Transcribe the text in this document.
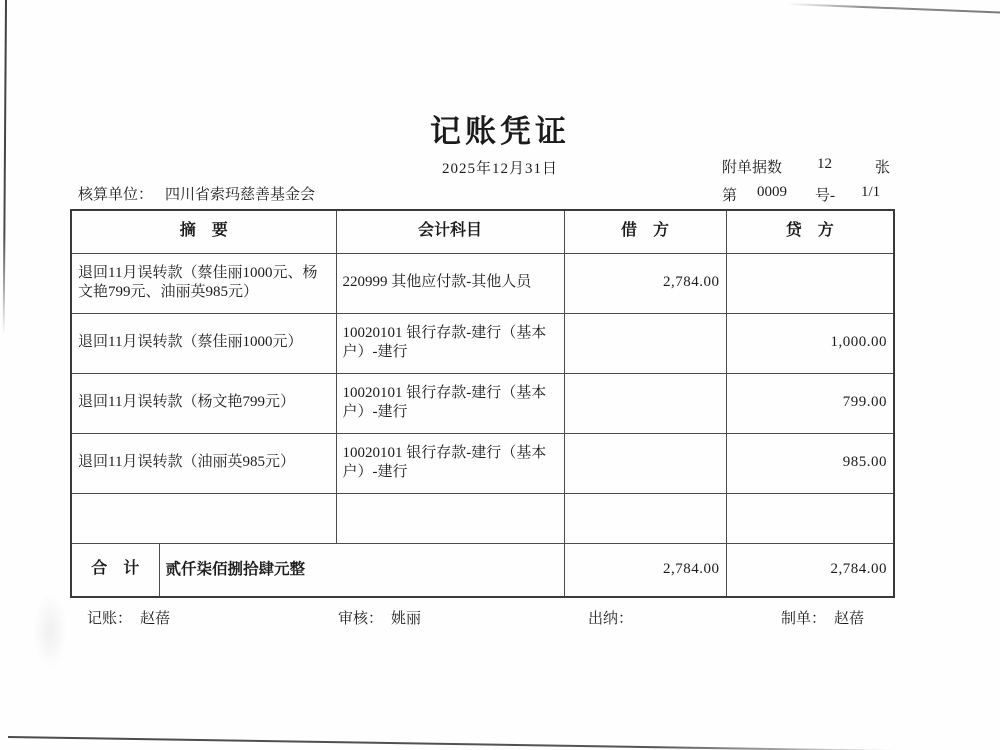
记账凭证
2025年12月31日	附单据数 12	张
核算单位： 四川省索玛慈善基金会	第 0009 号- 1/1
摘　要		会计科目	借　方	贷　方
退回11月误转款（蔡佳丽1000元、杨文艳799元、油丽英985元）		220999 其他应付款-其他人员	2,784.00	
退回11月误转款（蔡佳丽1000元）		10020101 银行存款-建行（基本户）-建行		1,000.00
退回11月误转款（杨文艳799元）		10020101 银行存款-建行（基本户）-建行		799.00
退回11月误转款（油丽英985元）		10020101 银行存款-建行（基本户）-建行		985.00

合　计	贰仟柒佰捌拾肆元整		2,784.00	2,784.00
记账： 赵蓓	审核： 姚丽	出纳：	制单： 赵蓓
